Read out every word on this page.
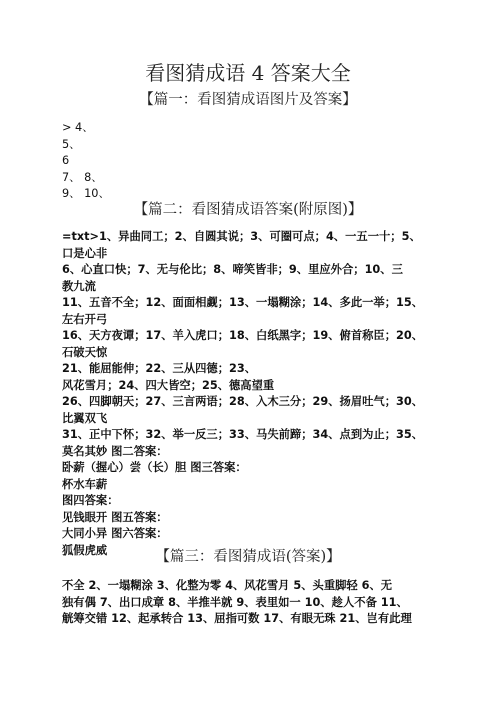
看图猜成语 4 答案大全
【篇一：看图猜成语图片及答案】
> 4、
5、
6
7、 8、
9、 10、
【篇二：看图猜成语答案(附原图)】
=txt>1、异曲同工；2、自圆其说；3、可圈可点；4、一五一十；5、
口是心非
6、心直口快；7、无与伦比；8、啼笑皆非；9、里应外合；10、三
教九流
11、五音不全；12、面面相觑；13、一塌糊涂；14、多此一举；15、
左右开弓
16、天方夜谭；17、羊入虎口；18、白纸黑字；19、俯首称臣；20、
石破天惊
21、能屈能伸；22、三从四德；23、
风花雪月；24、四大皆空；25、德高望重
26、四脚朝天；27、三言两语；28、入木三分；29、扬眉吐气；30、
比翼双飞
31、正中下怀；32、举一反三；33、马失前蹄；34、点到为止；35、
莫名其妙 图二答案：
卧薪（握心）尝（长）胆 图三答案：
杯水车薪
图四答案：
见钱眼开 图五答案：
大同小异 图六答案：
狐假虎威	【篇三：看图猜成语(答案)】
不全 2、一塌糊涂 3、化整为零 4、风花雪月 5、头重脚轻 6、无
独有偶 7、出口成章 8、半推半就 9、表里如一 10、趁人不备 11、
觥筹交错 12、起承转合 13、屈指可数 17、有眼无珠 21、岂有此理
